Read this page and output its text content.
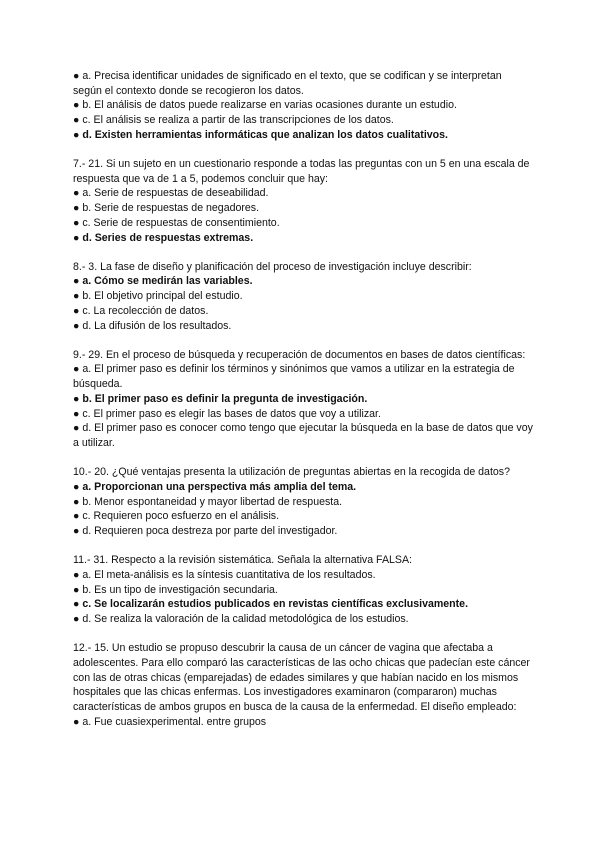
● a. Precisa identificar unidades de significado en el texto, que se codifican y se interpretan según el contexto donde se recogieron los datos.
● b. El análisis de datos puede realizarse en varias ocasiones durante un estudio.
● c. El análisis se realiza a partir de las transcripciones de los datos.
● d. Existen herramientas informáticas que analizan los datos cualitativos.
7.- 21. Si un sujeto en un cuestionario responde a todas las preguntas con un 5 en una escala de respuesta que va de 1 a 5, podemos concluir que hay:
● a. Serie de respuestas de deseabilidad.
● b. Serie de respuestas de negadores.
● c. Serie de respuestas de consentimiento.
● d. Series de respuestas extremas.
8.- 3. La fase de diseño y planificación del proceso de investigación incluye describir:
● a. Cómo se medirán las variables.
● b. El objetivo principal del estudio.
● c. La recolección de datos.
● d. La difusión de los resultados.
9.- 29. En el proceso de búsqueda y recuperación de documentos en bases de datos científicas:
● a. El primer paso es definir los términos y sinónimos que vamos a utilizar en la estrategia de búsqueda.
● b. El primer paso es definir la pregunta de investigación.
● c. El primer paso es elegir las bases de datos que voy a utilizar.
● d. El primer paso es conocer como tengo que ejecutar la búsqueda en la base de datos que voy a utilizar.
10.- 20. ¿Qué ventajas presenta la utilización de preguntas abiertas en la recogida de datos?
● a. Proporcionan una perspectiva más amplia del tema.
● b. Menor espontaneidad y mayor libertad de respuesta.
● c. Requieren poco esfuerzo en el análisis.
● d. Requieren poca destreza por parte del investigador.
11.- 31. Respecto a la revisión sistemática. Señala la alternativa FALSA:
● a. El meta-análisis es la síntesis cuantitativa de los resultados.
● b. Es un tipo de investigación secundaria.
● c. Se localizarán estudios publicados en revistas científicas exclusivamente.
● d. Se realiza la valoración de la calidad metodológica de los estudios.
12.- 15. Un estudio se propuso descubrir la causa de un cáncer de vagina que afectaba a adolescentes. Para ello comparó las características de las ocho chicas que padecían este cáncer con las de otras chicas (emparejadas) de edades similares y que habían nacido en los mismos hospitales que las chicas enfermas. Los investigadores examinaron (compararon) muchas características de ambos grupos en busca de la causa de la enfermedad. El diseño empleado:
● a. Fue cuasiexperimental. entre grupos
